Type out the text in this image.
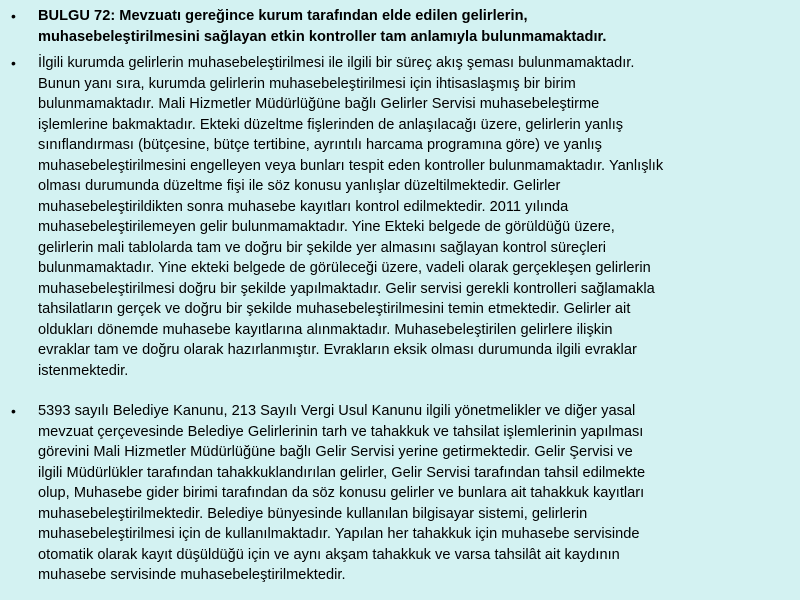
• BULGU 72: Mevzuatı gereğince kurum tarafından elde edilen gelirlerin,
muhasebeleştirilmesini sağlayan etkin kontroller tam anlamıyla bulunmamaktadır.
• İlgili kurumda gelirlerin muhasebeleştirilmesi ile ilgili bir süreç akış şeması bulunmamaktadır.
Bunun yanı sıra, kurumda gelirlerin muhasebeleştirilmesi için ihtisaslaşmış bir birim
bulunmamaktadır. Mali Hizmetler Müdürlüğüne bağlı Gelirler Servisi muhasebeleştirme
işlemlerine bakmaktadır. Ekteki düzeltme fişlerinden de anlaşılacağı üzere, gelirlerin yanlış
sınıflandırması (bütçesine, bütçe tertibine, ayrıntılı harcama programına göre) ve yanlış
muhasebeleştirilmesini engelleyen veya bunları tespit eden kontroller bulunmamaktadır. Yanlışlık
olması durumunda düzeltme fişi ile söz konusu yanlışlar düzeltilmektedir. Gelirler
muhasebeleştirildikten sonra muhasebe kayıtları kontrol edilmektedir. 2011 yılında
muhasebeleştirilemeyen gelir bulunmamaktadır. Yine Ekteki belgede de görüldüğü üzere,
gelirlerin mali tablolarda tam ve doğru bir şekilde yer almasını sağlayan kontrol süreçleri
bulunmamaktadır. Yine ekteki belgede de görüleceği üzere, vadeli olarak gerçekleşen gelirlerin
muhasebeleştirilmesi doğru bir şekilde yapılmaktadır. Gelir servisi gerekli kontrolleri sağlamakla
tahsilatların gerçek ve doğru bir şekilde muhasebeleştirilmesini temin etmektedir. Gelirler ait
oldukları dönemde muhasebe kayıtlarına alınmaktadır. Muhasebeleştirilen gelirlere ilişkin
evraklar tam ve doğru olarak hazırlanmıştır. Evrakların eksik olması durumunda ilgili evraklar
istenmektedir.
• 5393 sayılı Belediye Kanunu, 213 Sayılı Vergi Usul Kanunu ilgili yönetmelikler ve diğer yasal
mevzuat çerçevesinde Belediye Gelirlerinin tarh ve tahakkuk ve tahsilat işlemlerinin yapılması
görevini Mali Hizmetler Müdürlüğüne bağlı Gelir Servisi yerine getirmektedir. Gelir Şervisi ve
ilgili Müdürlükler tarafından tahakkuklandırılan gelirler, Gelir Servisi tarafından tahsil edilmekte
olup, Muhasebe gider birimi tarafından da söz konusu gelirler ve bunlara ait tahakkuk kayıtları
muhasebeleştirilmektedir. Belediye bünyesinde kullanılan bilgisayar sistemi, gelirlerin
muhasebeleştirilmesi için de kullanılmaktadır. Yapılan her tahakkuk için muhasebe servisinde
otomatik olarak kayıt düşüldüğü için ve aynı akşam tahakkuk ve varsa tahsilât ait kaydının
muhasebe servisinde muhasebeleştirilmektedir.
